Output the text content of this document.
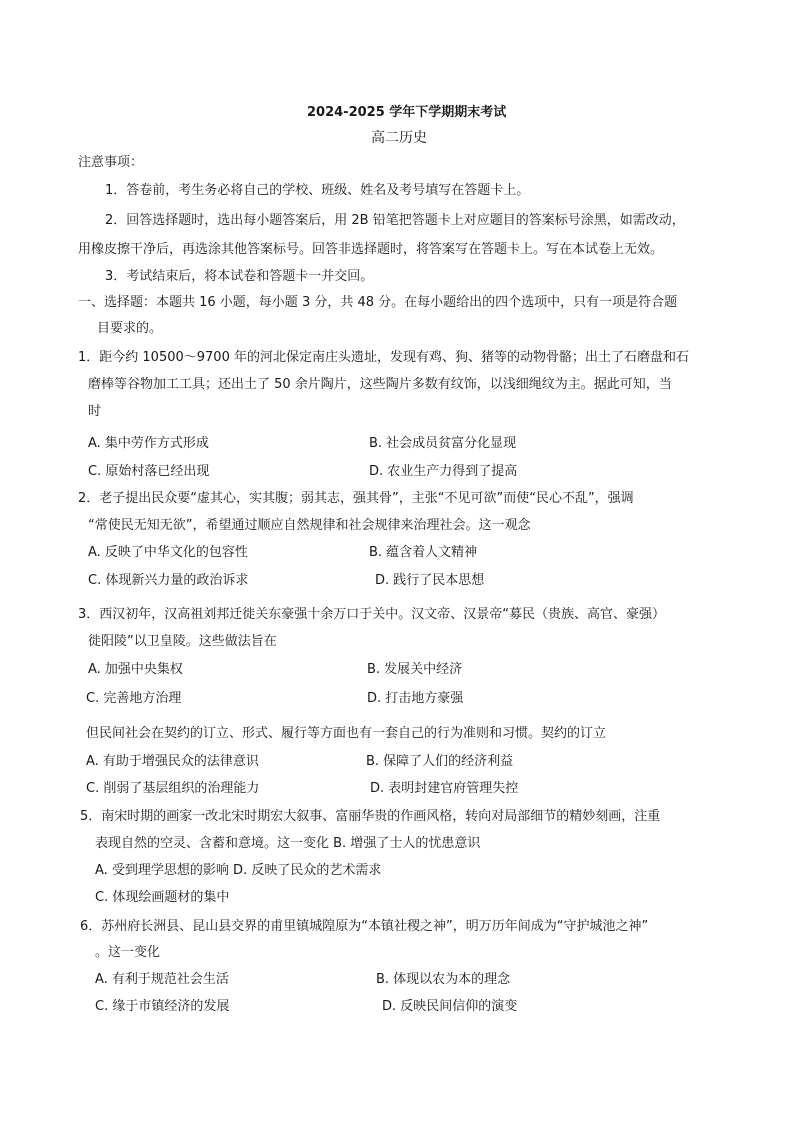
2024-2025 学年下学期期末考试
高二历史
注意事项：
1．答卷前，考生务必将自己的学校、班级、姓名及考号填写在答题卡上。
2．回答选择题时，选出每小题答案后，用 2B 铅笔把答题卡上对应题目的答案标号涂黑，如需改动，
用橡皮擦干净后，再选涂其他答案标号。回答非选择题时，将答案写在答题卡上。写在本试卷上无效。
3．考试结束后，将本试卷和答题卡一并交回。
一、选择题：本题共 16 小题，每小题 3 分，共 48 分。在每小题给出的四个选项中，只有一项是符合题
目要求的。
1．距今约 10500～9700 年的河北保定南庄头遗址，发现有鸡、狗、猪等的动物骨骼；出土了石磨盘和石
磨棒等谷物加工工具；还出土了 50 余片陶片，这些陶片多数有纹饰，以浅细绳纹为主。据此可知，当
时
A. 集中劳作方式形成	B. 社会成员贫富分化显现
C. 原始村落已经出现	D. 农业生产力得到了提高
2．老子提出民众要“虚其心，实其腹；弱其志，强其骨”，主张“不见可欲”而使“民心不乱”，强调
“常使民无知无欲”，希望通过顺应自然规律和社会规律来治理社会。这一观念
A. 反映了中华文化的包容性	B. 蕴含着人文精神
C. 体现新兴力量的政治诉求	D. 践行了民本思想
3．西汉初年，汉高祖刘邦迁徙关东豪强十余万口于关中。汉文帝、汉景帝“募民（贵族、高官、豪强）
徙阳陵”以卫皇陵。这些做法旨在
A. 加强中央集权	B. 发展关中经济
C. 完善地方治理	D. 打击地方豪强
但民间社会在契约的订立、形式、履行等方面也有一套自己的行为准则和习惯。契约的订立
A. 有助于增强民众的法律意识	B. 保障了人们的经济利益
C. 削弱了基层组织的治理能力	D. 表明封建官府管理失控
5．南宋时期的画家一改北宋时期宏大叙事、富丽华贵的作画风格，转向对局部细节的精妙刻画，注重
表现自然的空灵、含蓄和意境。这一变化 B. 增强了士人的忧患意识
A. 受到理学思想的影响 D. 反映了民众的艺术需求
C. 体现绘画题材的集中
6．苏州府长洲县、昆山县交界的甫里镇城隍原为“本镇社稷之神”，明万历年间成为“守护城池之神”
。这一变化
A. 有利于规范社会生活	B. 体现以农为本的理念
C. 缘于市镇经济的发展	D. 反映民间信仰的演变
